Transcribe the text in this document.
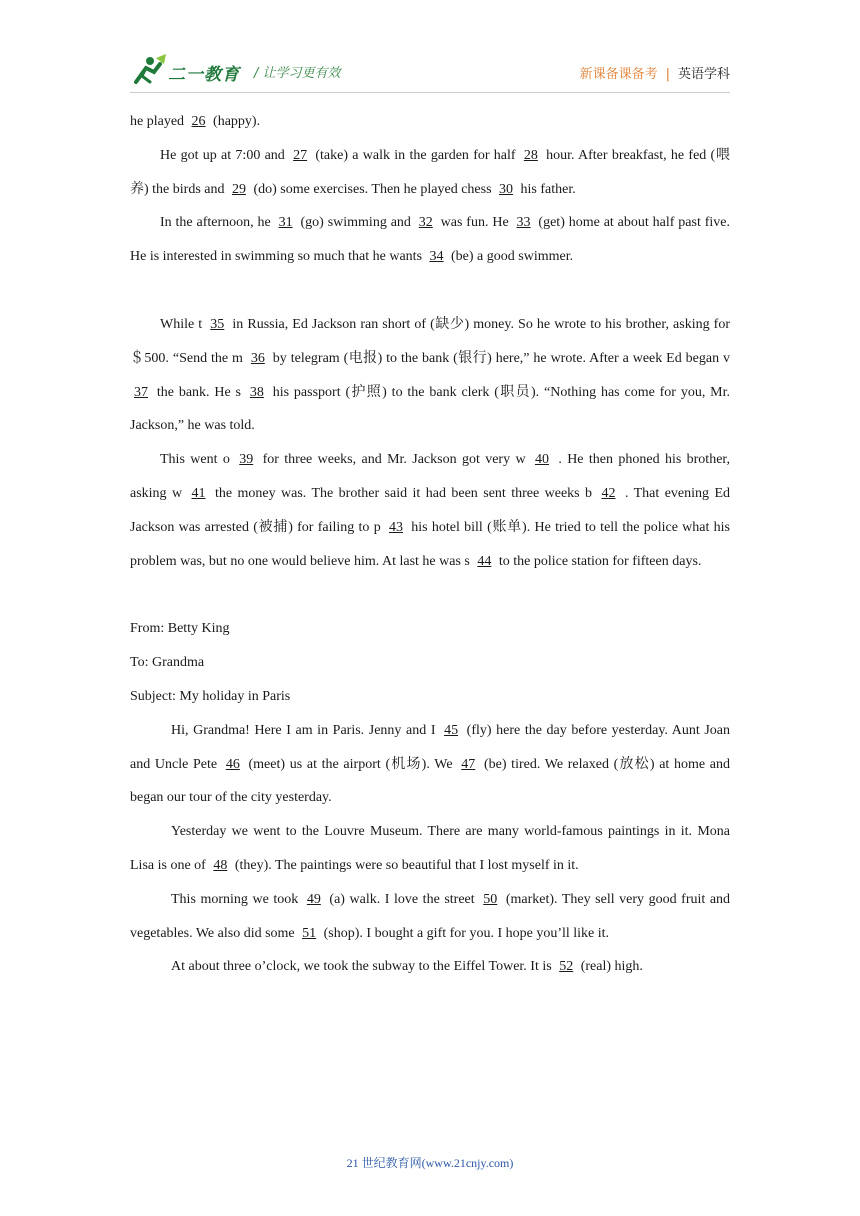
二一教育 / 让学习更有效	新课备课备考 | 英语学科

he played 26 (happy).

He got up at 7:00 and 27 (take) a walk in the garden for half 28 hour. After breakfast, he fed (喂养) the birds and 29 (do) some exercises. Then he played chess 30 his father.

In the afternoon, he 31 (go) swimming and 32 was fun. He 33 (get) home at about half past five. He is interested in swimming so much that he wants 34 (be) a good swimmer.

While t 35 in Russia, Ed Jackson ran short of (缺少) money. So he wrote to his brother, asking for ＄500. “Send the m 36 by telegram (电报) to the bank (银行) here,” he wrote. After a week Ed began v 37 the bank. He s 38 his passport (护照) to the bank clerk (职员). “Nothing has come for you, Mr. Jackson,” he was told.

This went o 39 for three weeks, and Mr. Jackson got very w 40 . He then phoned his brother, asking w 41 the money was. The brother said it had been sent three weeks b 42 . That evening Ed Jackson was arrested (被捕) for failing to p 43 his hotel bill (账单). He tried to tell the police what his problem was, but no one would believe him. At last he was s 44 to the police station for fifteen days.

From: Betty King

To: Grandma

Subject: My holiday in Paris

Hi, Grandma! Here I am in Paris. Jenny and I 45 (fly) here the day before yesterday. Aunt Joan and Uncle Pete 46 (meet) us at the airport (机场). We 47 (be) tired. We relaxed (放松) at home and began our tour of the city yesterday.

Yesterday we went to the Louvre Museum. There are many world-famous paintings in it. Mona Lisa is one of 48 (they). The paintings were so beautiful that I lost myself in it.

This morning we took 49 (a) walk. I love the street 50 (market). They sell very good fruit and vegetables. We also did some 51 (shop). I bought a gift for you. I hope you’ll like it.

At about three o’clock, we took the subway to the Eiffel Tower. It is 52 (real) high.

21 世纪教育网(www.21cnjy.com)
